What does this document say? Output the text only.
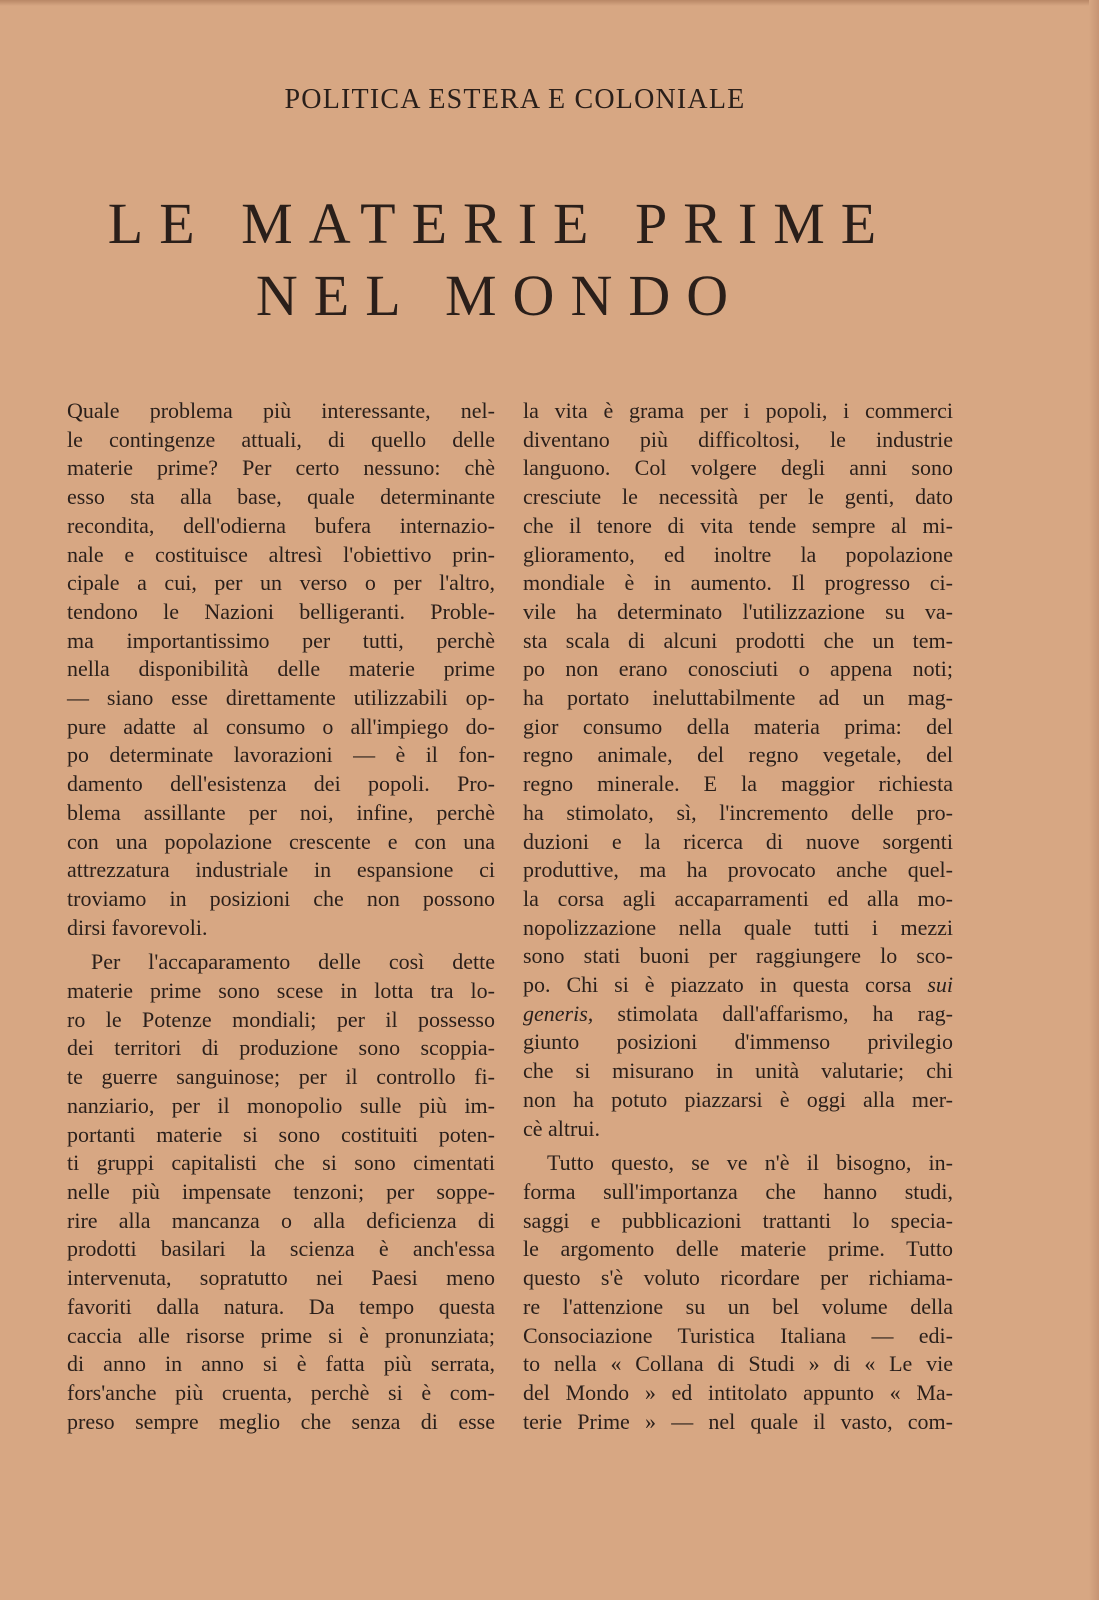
POLITICA ESTERA E COLONIALE
LE MATERIE PRIME
NEL MONDO
Quale problema più interessante, nel-
le contingenze attuali, di quello delle
materie prime? Per certo nessuno: chè
esso sta alla base, quale determinante
recondita, dell'odierna bufera internazio-
nale e costituisce altresì l'obiettivo prin-
cipale a cui, per un verso o per l'altro,
tendono le Nazioni belligeranti. Proble-
ma importantissimo per tutti, perchè
nella disponibilità delle materie prime
— siano esse direttamente utilizzabili op-
pure adatte al consumo o all'impiego do-
po determinate lavorazioni — è il fon-
damento dell'esistenza dei popoli. Pro-
blema assillante per noi, infine, perchè
con una popolazione crescente e con una
attrezzatura industriale in espansione ci
troviamo in posizioni che non possono
dirsi favorevoli.
Per l'accaparamento delle così dette
materie prime sono scese in lotta tra lo-
ro le Potenze mondiali; per il possesso
dei territori di produzione sono scoppia-
te guerre sanguinose; per il controllo fi-
nanziario, per il monopolio sulle più im-
portanti materie si sono costituiti poten-
ti gruppi capitalisti che si sono cimentati
nelle più impensate tenzoni; per soppe-
rire alla mancanza o alla deficienza di
prodotti basilari la scienza è anch'essa
intervenuta, sopratutto nei Paesi meno
favoriti dalla natura. Da tempo questa
caccia alle risorse prime si è pronunziata;
di anno in anno si è fatta più serrata,
fors'anche più cruenta, perchè si è com-
preso sempre meglio che senza di esse
la vita è grama per i popoli, i commerci
diventano più difficoltosi, le industrie
languono. Col volgere degli anni sono
cresciute le necessità per le genti, dato
che il tenore di vita tende sempre al mi-
glioramento, ed inoltre la popolazione
mondiale è in aumento. Il progresso ci-
vile ha determinato l'utilizzazione su va-
sta scala di alcuni prodotti che un tem-
po non erano conosciuti o appena noti;
ha portato ineluttabilmente ad un mag-
gior consumo della materia prima: del
regno animale, del regno vegetale, del
regno minerale. E la maggior richiesta
ha stimolato, sì, l'incremento delle pro-
duzioni e la ricerca di nuove sorgenti
produttive, ma ha provocato anche quel-
la corsa agli accaparramenti ed alla mo-
nopolizzazione nella quale tutti i mezzi
sono stati buoni per raggiungere lo sco-
po. Chi si è piazzato in questa corsa sui
generis, stimolata dall'affarismo, ha rag-
giunto posizioni d'immenso privilegio
che si misurano in unità valutarie; chi
non ha potuto piazzarsi è oggi alla mer-
cè altrui.
Tutto questo, se ve n'è il bisogno, in-
forma sull'importanza che hanno studi,
saggi e pubblicazioni trattanti lo specia-
le argomento delle materie prime. Tutto
questo s'è voluto ricordare per richiama-
re l'attenzione su un bel volume della
Consociazione Turistica Italiana — edi-
to nella « Collana di Studi » di « Le vie
del Mondo » ed intitolato appunto « Ma-
terie Prime » — nel quale il vasto, com-
